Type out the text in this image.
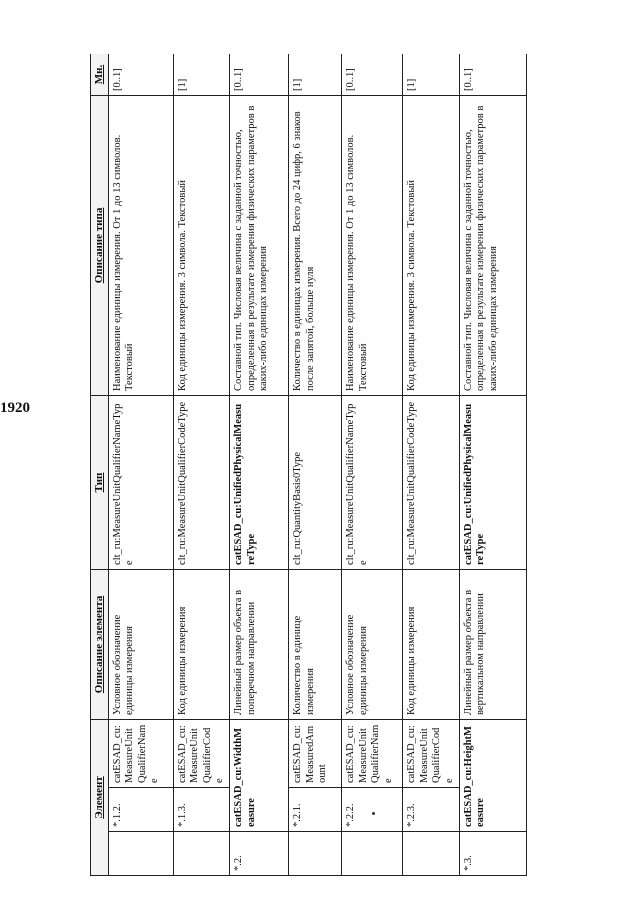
1920
Элемент			Описание элемента	Тип	Описание типа	Мн.
	*.1.2.	catESAD_cu:MeasureUnitQualifierName	Условное обозначение единицы измерения	clt_ru:MeasureUnitQualifierNameType	Наименование единицы измерения. От 1 до 13 символов. Текстовый	[0..1]
	*.1.3.	catESAD_cu:MeasureUnitQualifierCode	Код единицы измерения	clt_ru:MeasureUnitQualifierCodeType	Код единицы измерения. 3 символа. Текстовый	[1]
*.2.	catESAD_cu:WidthMeasure		Линейный размер объекта в поперечном направлении	catESAD_cu:UnifiedPhysicalMeasureType	Составной тип. Числовая величина с заданной точностью, определенная в результате измерения физических параметров в каких-либо единицах измерения	[0..1]
	*.2.1.	catESAD_cu:MeasuredAmount	Количество в единице измерения	clt_ru:QuantityBasis0Type	Количество в единицах измерения. Всего до 24 цифр, 6 знаков после запятой, больше нуля	[1]
	*.2.2.	catESAD_cu:MeasureUnitQualifierName	Условное обозначение единицы измерения	clt_ru:MeasureUnitQualifierNameType	Наименование единицы измерения. От 1 до 13 символов. Текстовый	[0..1]
	*.2.3.	catESAD_cu:MeasureUnitQualifierCode	Код единицы измерения	clt_ru:MeasureUnitQualifierCodeType	Код единицы измерения. 3 символа. Текстовый	[1]
*.3.	catESAD_cu:HeightMeasure		Линейный размер объекта в вертикальном направлении	catESAD_cu:UnifiedPhysicalMeasureType	Составной тип. Числовая величина с заданной точностью, определенная в результате измерения физических параметров в каких-либо единицах измерения	[0..1]
